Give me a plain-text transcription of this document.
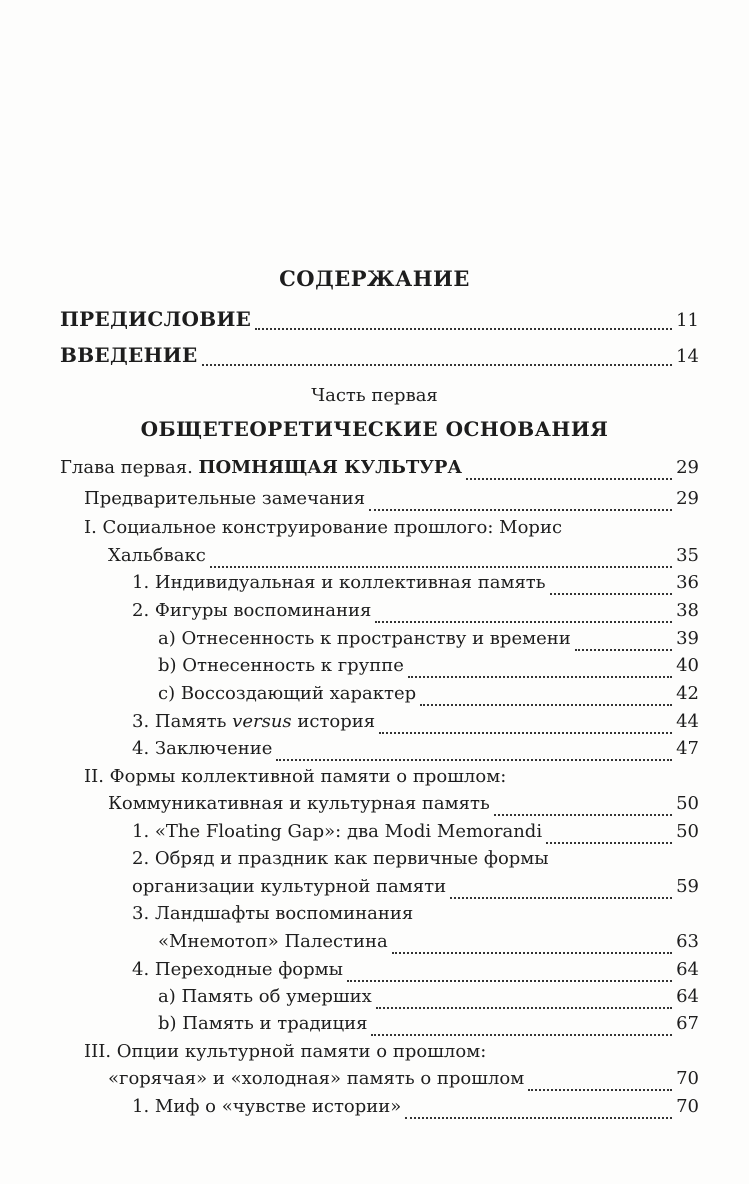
СОДЕРЖАНИЕ
ПРЕДИСЛОВИЕ	11
ВВЕДЕНИЕ	14
Часть первая
ОБЩЕТЕОРЕТИЧЕСКИЕ ОСНОВАНИЯ
Глава первая. ПОМНЯЩАЯ КУЛЬТУРА	29
Предварительные замечания	29
I. Социальное конструирование прошлого: Морис
Хальбвакс	35
1. Индивидуальная и коллективная память	36
2. Фигуры воспоминания	38
a) Отнесенность к пространству и времени	39
b) Отнесенность к группе	40
c) Воссоздающий характер	42
3. Память versus история	44
4. Заключение	47
II. Формы коллективной памяти о прошлом:
Коммуникативная и культурная память	50
1. «The Floating Gap»: два Modi Memorandi	50
2. Обряд и праздник как первичные формы
организации культурной памяти	59
3. Ландшафты воспоминания
«Мнемотоп» Палестина	63
4. Переходные формы	64
a) Память об умерших	64
b) Память и традиция	67
III. Опции культурной памяти о прошлом:
«горячая» и «холодная» память о прошлом	70
1. Миф о «чувстве истории»	70
